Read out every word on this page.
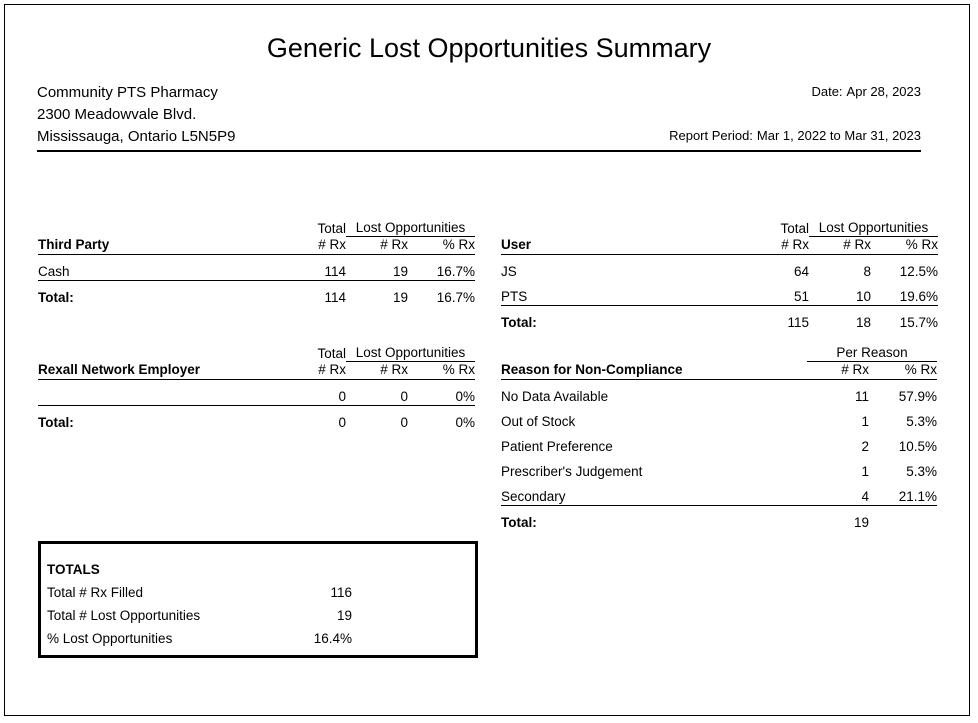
Generic Lost Opportunities Summary
Community PTS Pharmacy	Date: Apr 28, 2023
2300 Meadowvale Blvd.
Mississauga, Ontario L5N5P9	Report Period: Mar 1, 2022 to Mar 31, 2023
	Total	Lost Opportunities	
Third Party	# Rx	# Rx	% Rx

Cash	114	19	16.7%
Total:	114	19	16.7%
	Total	Lost Opportunities	
User	# Rx	# Rx	% Rx

JS	64	8	12.5%
PTS	51	10	19.6%
Total:	115	18	15.7%
	Total	Lost Opportunities	
Rexall Network Employer	# Rx	# Rx	% Rx

	0	0	0%
Total:	0	0	0%
	Per Reason	
Reason for Non-Compliance	# Rx	% Rx

No Data Available	11	57.9%
Out of Stock	1	5.3%
Patient Preference	2	10.5%
Prescriber's Judgement	1	5.3%
Secondary	4	21.1%
Total:	19	
TOTALS
Total # Rx Filled	116
Total # Lost Opportunities	19
% Lost Opportunities	16.4%
